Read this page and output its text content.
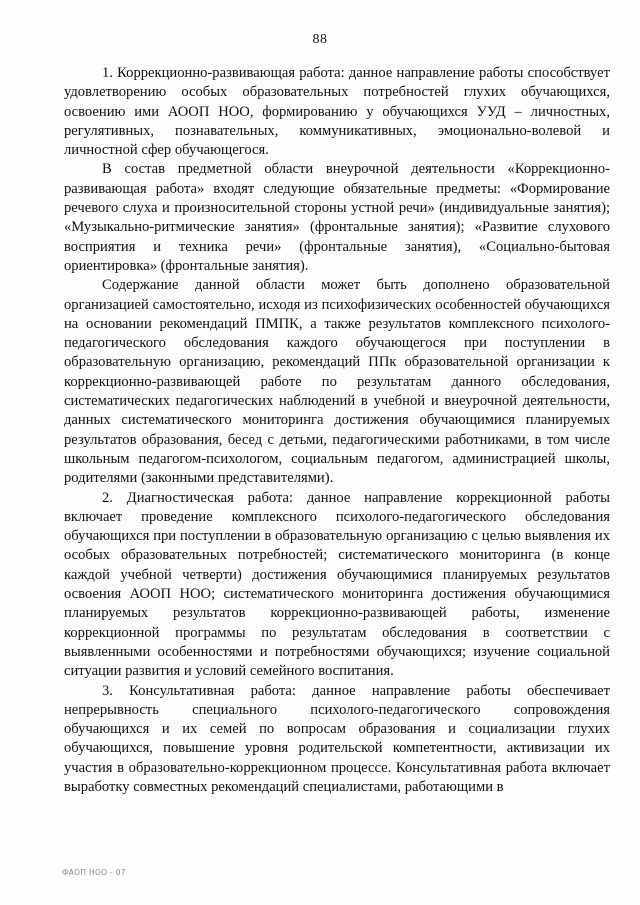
88

1. Коррекционно-развивающая работа: данное направление работы способствует удовлетворению особых образовательных потребностей глухих обучающихся, освоению ими АООП НОО, формированию у обучающихся УУД – личностных, регулятивных, познавательных, коммуникативных, эмоционально-волевой и личностной сфер обучающегося.

В состав предметной области внеурочной деятельности «Коррекционно-развивающая работа» входят следующие обязательные предметы: «Формирование речевого слуха и произносительной стороны устной речи» (индивидуальные занятия); «Музыкально-ритмические занятия» (фронтальные занятия); «Развитие слухового восприятия и техника речи» (фронтальные занятия), «Социально-бытовая ориентировка» (фронтальные занятия).

Содержание данной области может быть дополнено образовательной организацией самостоятельно, исходя из психофизических особенностей обучающихся на основании рекомендаций ПМПК, а также результатов комплексного психолого-педагогического обследования каждого обучающегося при поступлении в образовательную организацию, рекомендаций ППк образовательной организации к коррекционно-развивающей работе по результатам данного обследования, систематических педагогических наблюдений в учебной и внеурочной деятельности, данных систематического мониторинга достижения обучающимися планируемых результатов образования, бесед с детьми, педагогическими работниками, в том числе школьным педагогом-психологом, социальным педагогом, администрацией школы, родителями (законными представителями).

2. Диагностическая работа: данное направление коррекционной работы включает проведение комплексного психолого-педагогического обследования обучающихся при поступлении в образовательную организацию с целью выявления их особых образовательных потребностей; систематического мониторинга (в конце каждой учебной четверти) достижения обучающимися планируемых результатов освоения АООП НОО; систематического мониторинга достижения обучающимися планируемых результатов коррекционно-развивающей работы, изменение коррекционной программы по результатам обследования в соответствии с выявленными особенностями и потребностями обучающихся; изучение социальной ситуации развития и условий семейного воспитания.

3. Консультативная работа: данное направление работы обеспечивает непрерывность специального психолого-педагогического сопровождения обучающихся и их семей по вопросам образования и социализации глухих обучающихся, повышение уровня родительской компетентности, активизации их участия в образовательно-коррекционном процессе. Консультативная работа включает выработку совместных рекомендаций специалистами, работающими в

ФАОП НОО - 07
